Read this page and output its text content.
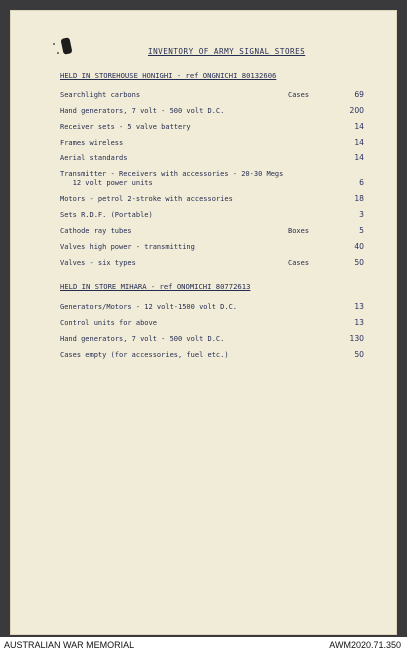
INVENTORY OF ARMY SIGNAL STORES
HELD IN STOREHOUSE HONIGHI - ref ONGNICHI 80132606
Searchlight carbons	Cases	69
Hand generators, 7 volt - 500 volt D.C.	200
Receiver sets - 5 valve battery	14
Frames wireless	14
Aerial standards	14
Transmitter - Receivers with accessories - 20-30 Megs
12 volt power units	6
Motors - petrol 2-stroke with accessories	18
Sets R.D.F. (Portable)	3
Cathode ray tubes	Boxes	5
Valves high power - transmitting	40
Valves - six types	Cases	50
HELD IN STORE MIHARA - ref ONOMICHI 80772613
Generators/Motors - 12 volt-1500 volt D.C.	13
Control units for above	13
Hand generators, 7 volt - 500 volt D.C.	130
Cases empty (for accessories, fuel etc.)	50
AUSTRALIAN WAR MEMORIAL	AWM2020.71.350
